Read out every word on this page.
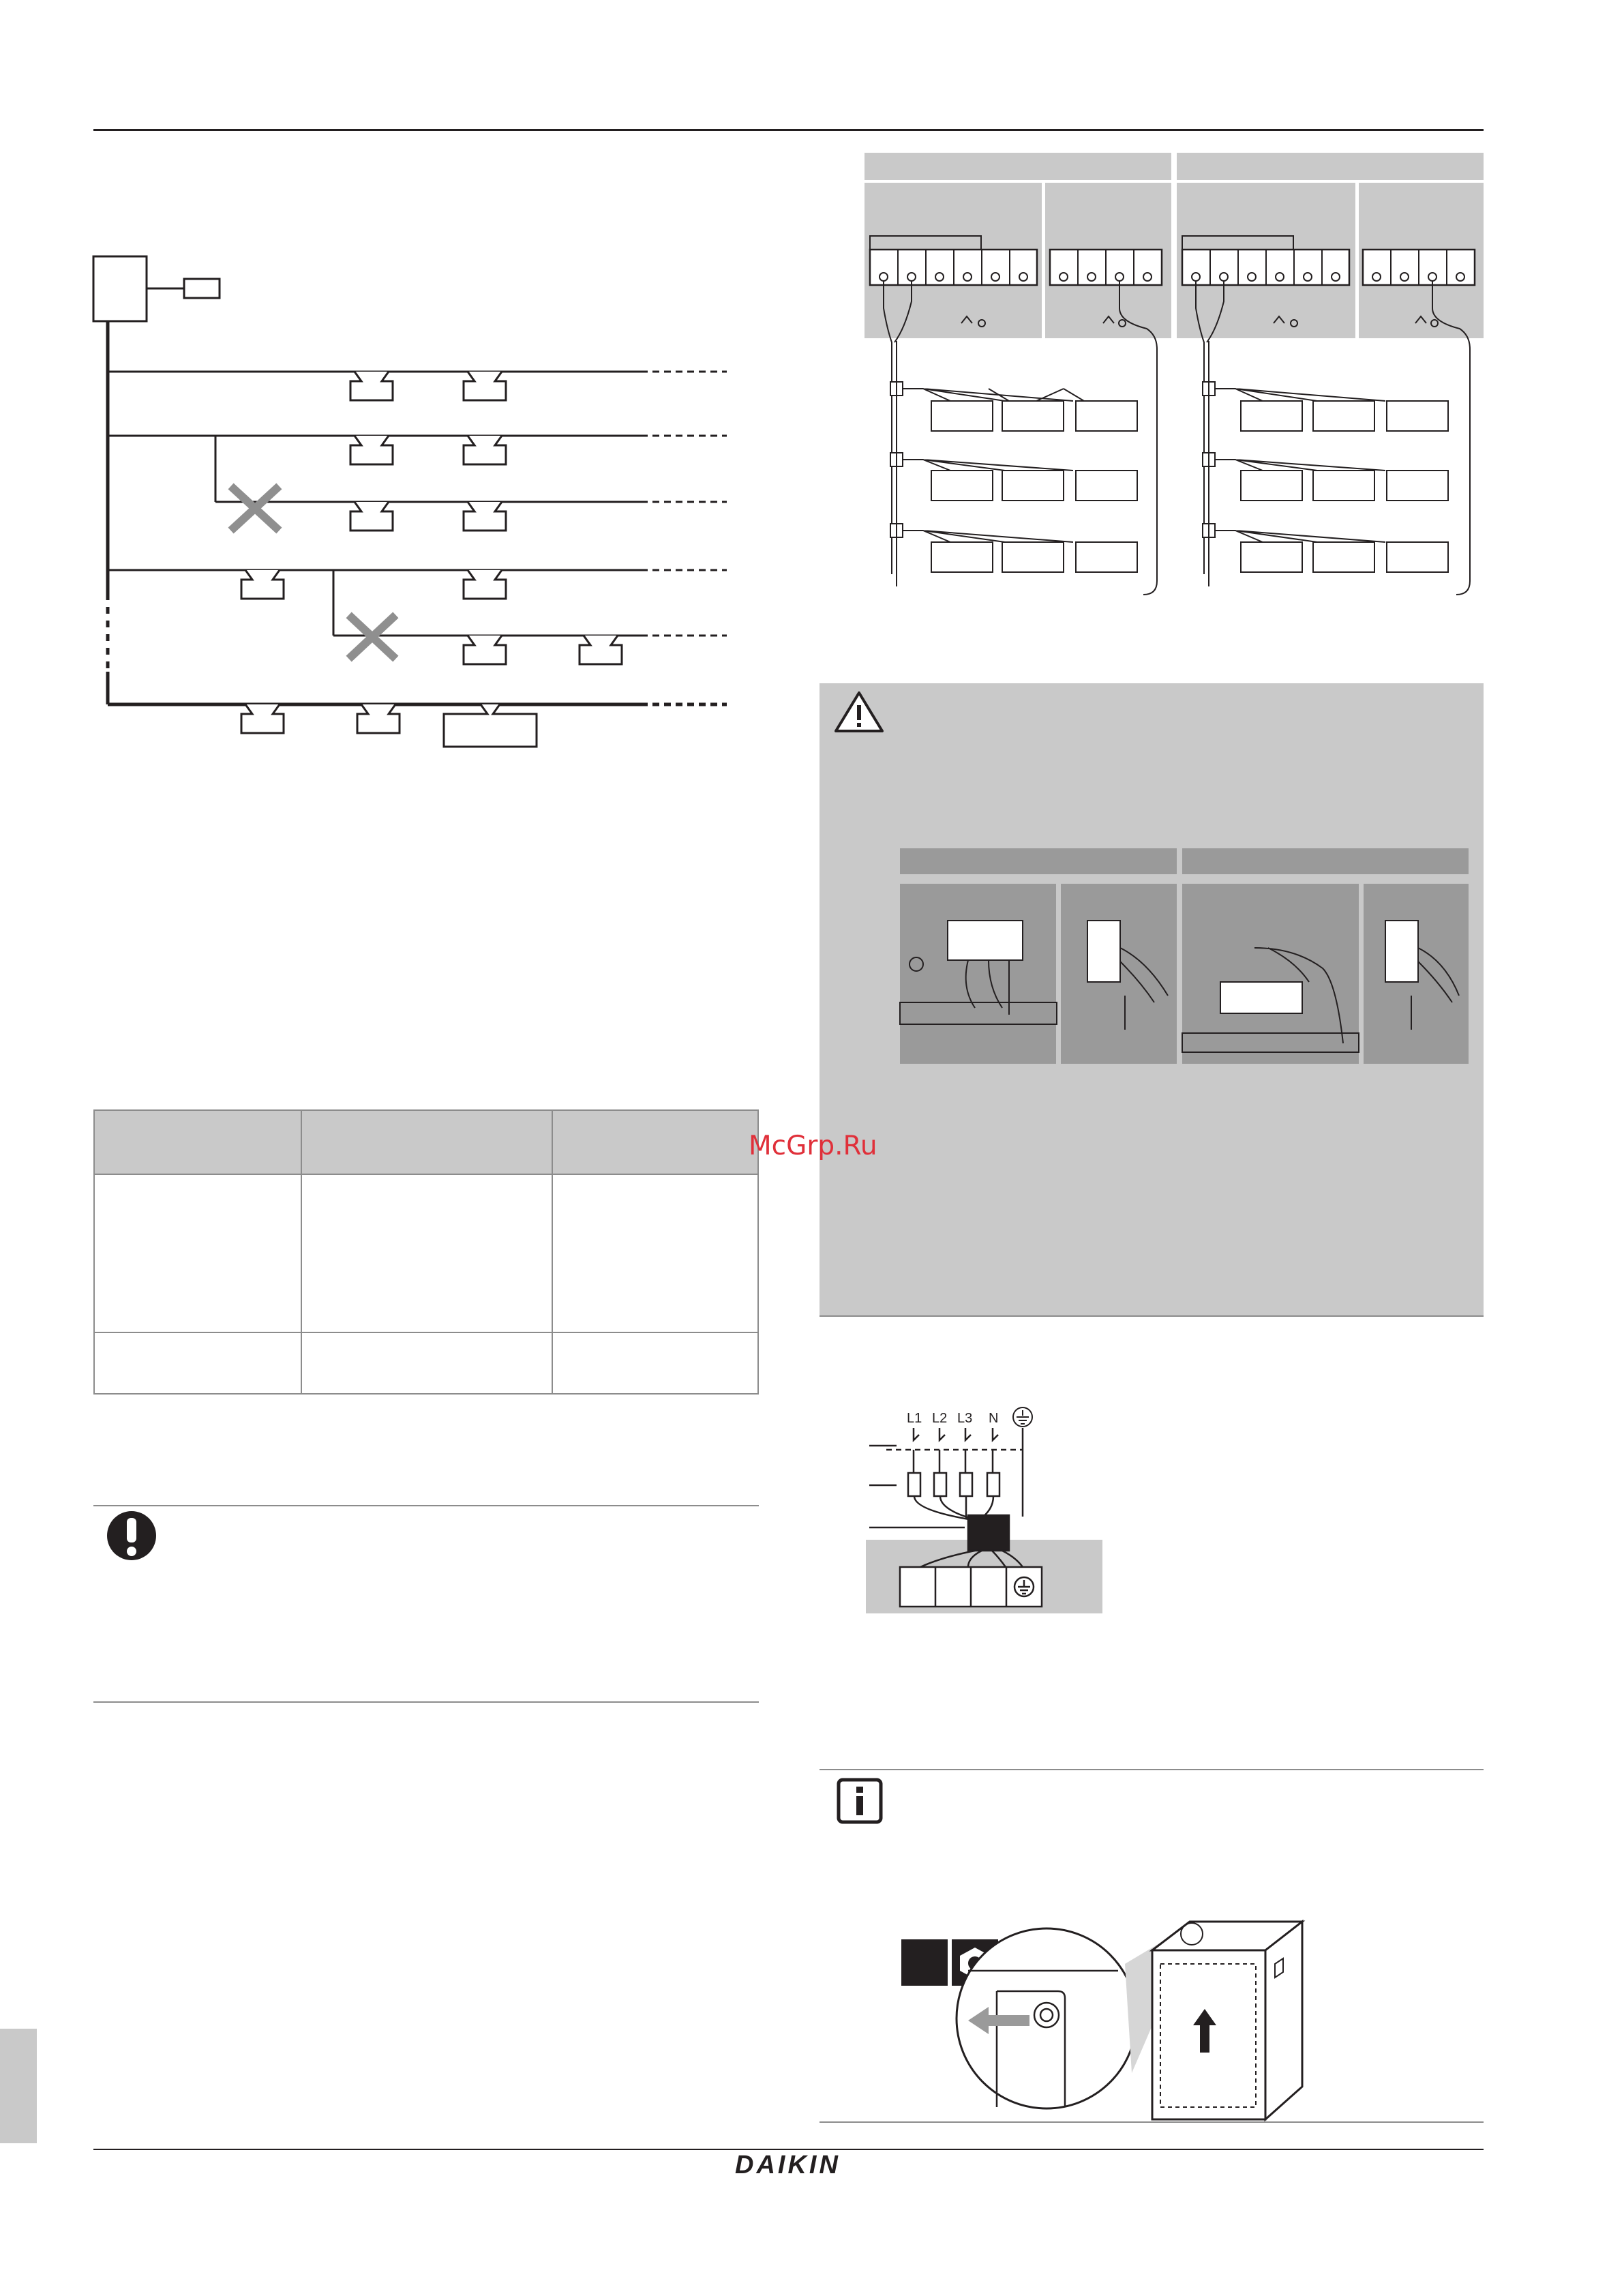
McGrp.Ru
L1 L2 L3 N
DAIKIN
